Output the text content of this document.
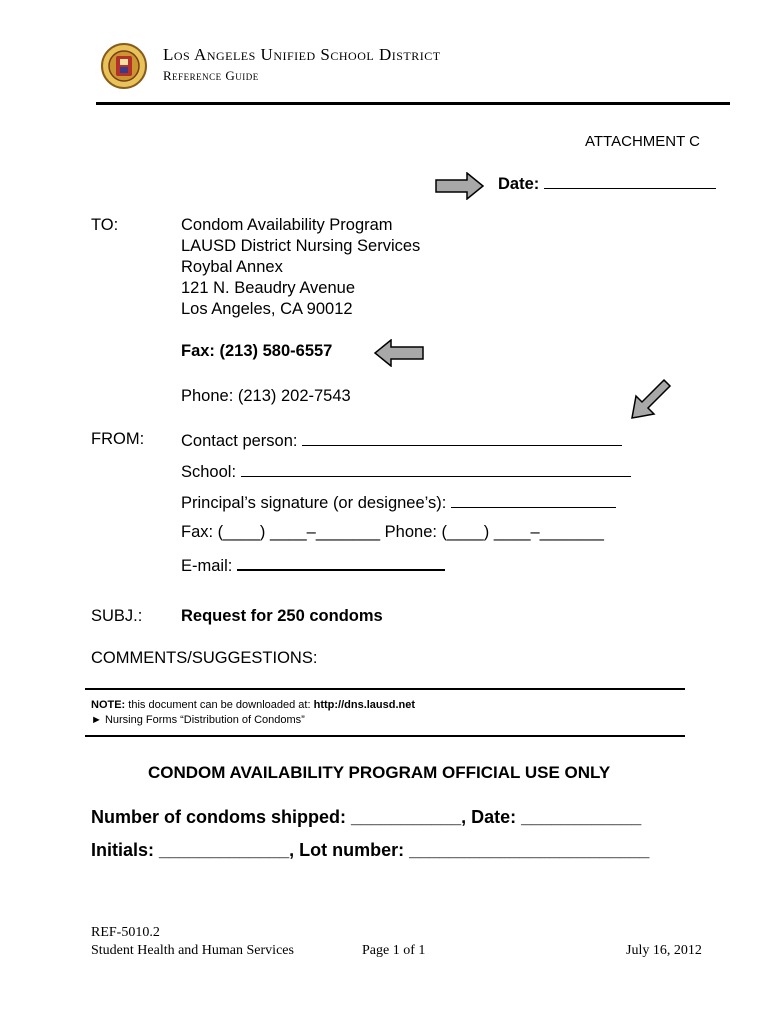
Los Angeles Unified School District
Reference Guide
ATTACHMENT C
Date:
TO:	Condom Availability Program
LAUSD District Nursing Services
Roybal Annex
121 N. Beaudry Avenue
Los Angeles, CA 90012
Fax: (213) 580-6557
Phone: (213) 202-7543
FROM: Contact person:
School:
Principal’s signature (or designee’s):
Fax: (____) ____–_______ Phone: (____) ____–_______
E-mail:
SUBJ.: Request for 250 condoms
COMMENTS/SUGGESTIONS:
NOTE: this document can be downloaded at: http://dns.lausd.net
► Nursing Forms “Distribution of Condoms”
CONDOM AVAILABILITY PROGRAM OFFICIAL USE ONLY
Number of condoms shipped: ___________, Date: ____________
Initials: _____________, Lot number: ________________________
REF-5010.2
Student Health and Human Services	Page 1 of 1	July 16, 2012
